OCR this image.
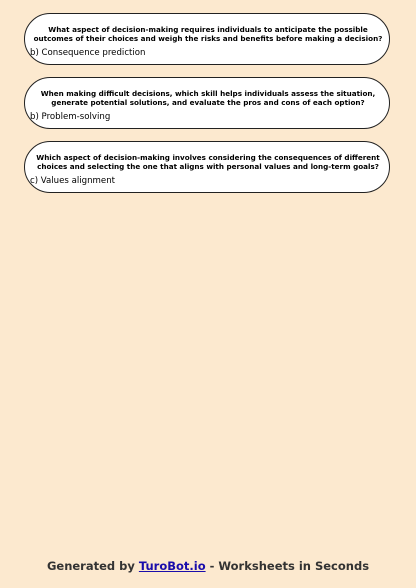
What aspect of decision-making requires individuals to anticipate the possible
outcomes of their choices and weigh the risks and benefits before making a decision?
b) Consequence prediction
When making difficult decisions, which skill helps individuals assess the situation,
generate potential solutions, and evaluate the pros and cons of each option?
b) Problem-solving
Which aspect of decision-making involves considering the consequences of different
choices and selecting the one that aligns with personal values and long-term goals?
c) Values alignment
Generated by TuroBot.io - Worksheets in Seconds
